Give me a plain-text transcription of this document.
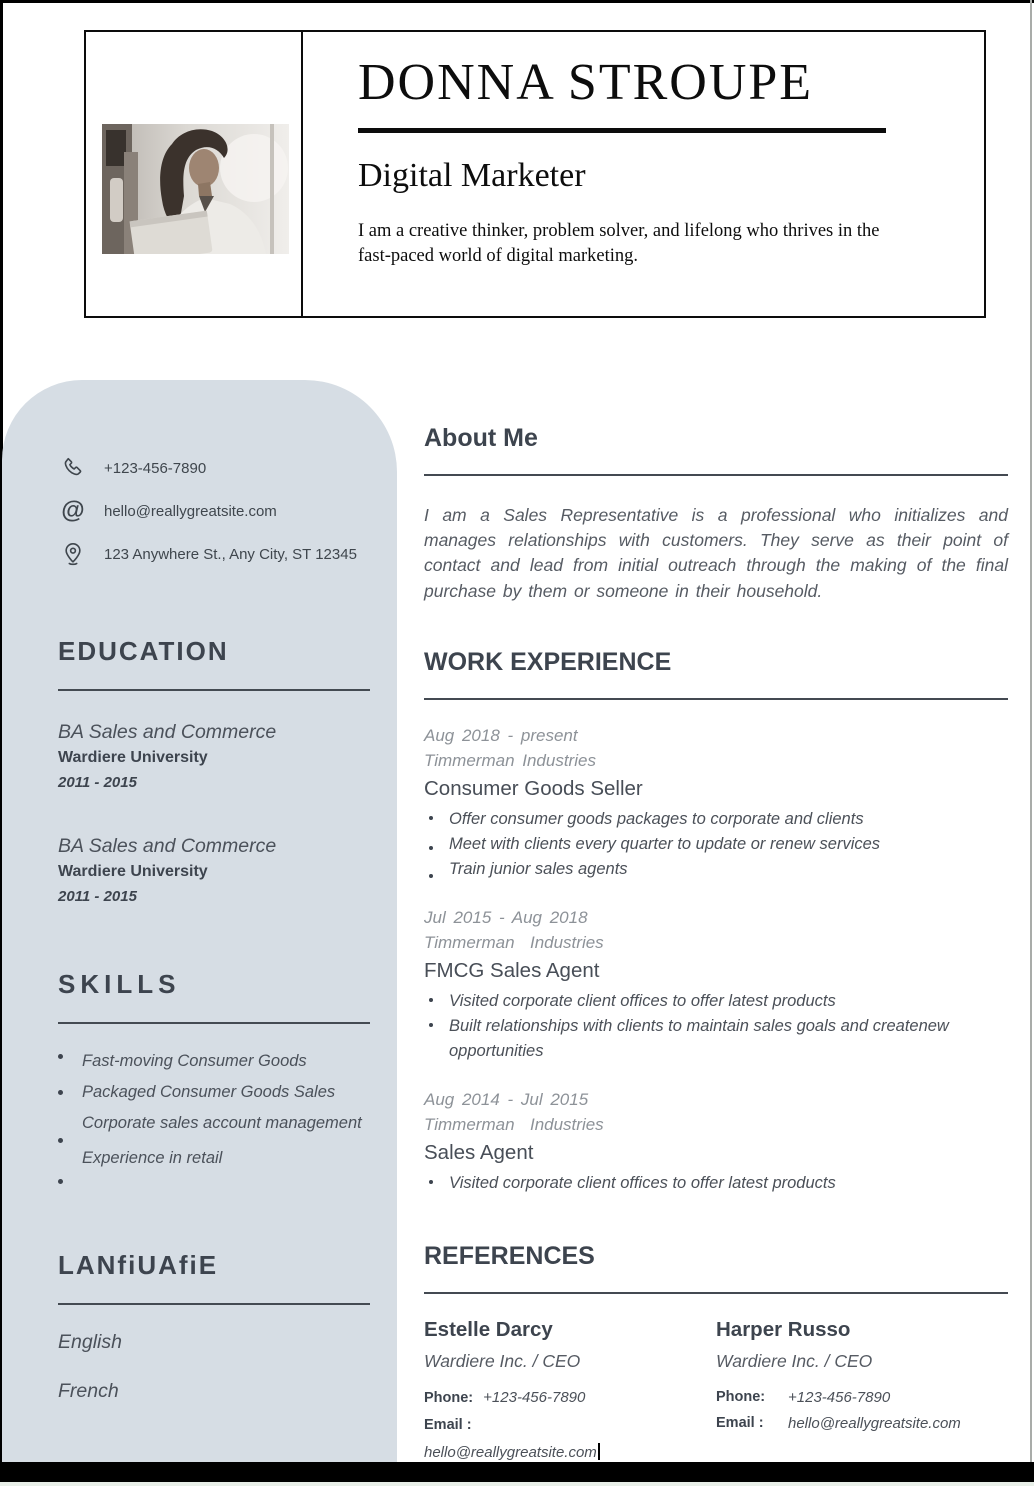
DONNA STROUPE
Digital Marketer
I am a creative thinker, problem solver, and lifelong who thrives in the fast-paced world of digital marketing.
+123-456-7890
@ hello@reallygreatsite.com
123 Anywhere St., Any City, ST 12345
EDUCATION
BA Sales and Commerce
Wardiere University
2011 - 2015
BA Sales and Commerce
Wardiere University
2011 - 2015
SKILLS
Fast-moving Consumer Goods
Packaged Consumer Goods Sales
Corporate sales account management
Experience in retail
LANfiUAfiE
English
French
About Me
I am a Sales Representative is a professional who initializes and manages relationships with customers. They serve as their point of contact and lead from initial outreach through the making of the final purchase by them or someone in their household.
WORK EXPERIENCE
Aug 2018 - present
Timmerman Industries
Consumer Goods Seller
Offer consumer goods packages to corporate and clients
Meet with clients every quarter to update or renew services
Train junior sales agents
Jul 2015 - Aug 2018
Timmerman  Industries
FMCG Sales Agent
Visited corporate client offices to offer latest products
Built relationships with clients to maintain sales goals and createnew opportunities
Aug 2014 - Jul 2015
Timmerman  Industries
Sales Agent
Visited corporate client offices to offer latest products
REFERENCES
Estelle Darcy
Wardiere Inc. / CEO
Phone: +123-456-7890
Email :
hello@reallygreatsite.com
Harper Russo
Wardiere Inc. / CEO
Phone:	+123-456-7890
Email :	hello@reallygreatsite.com
